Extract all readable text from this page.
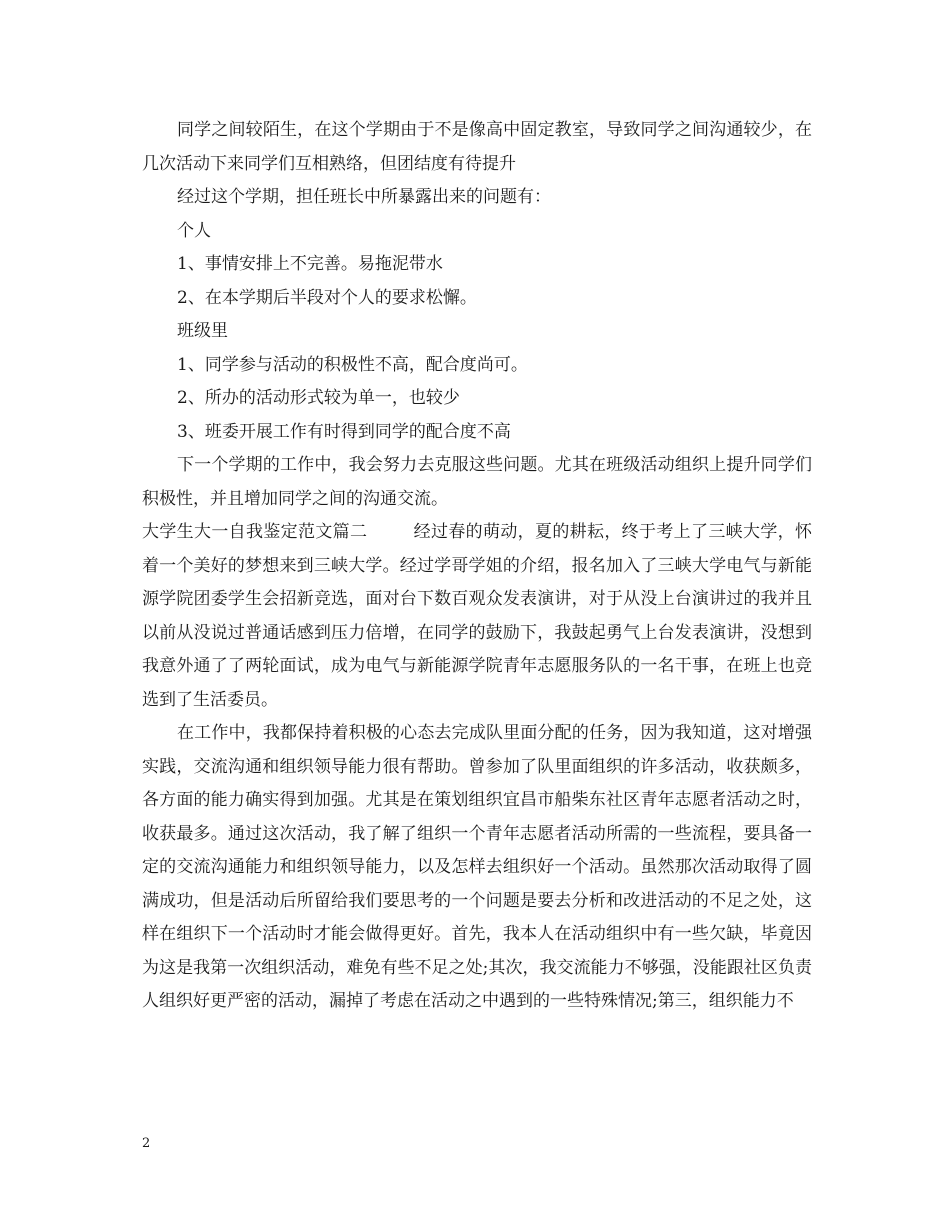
同学之间较陌生，在这个学期由于不是像高中固定教室，导致同学之间沟通较少，在几次活动下来同学们互相熟络，但团结度有待提升

经过这个学期，担任班长中所暴露出来的问题有：

个人

1、事情安排上不完善。易拖泥带水

2、在本学期后半段对个人的要求松懈。

班级里

1、同学参与活动的积极性不高，配合度尚可。

2、所办的活动形式较为单一，也较少

3、班委开展工作有时得到同学的配合度不高

下一个学期的工作中，我会努力去克服这些问题。尤其在班级活动组织上提升同学们积极性，并且增加同学之间的沟通交流。

大学生大一自我鉴定范文篇二	经过春的萌动，夏的耕耘，终于考上了三峡大学，怀着一个美好的梦想来到三峡大学。经过学哥学姐的介绍，报名加入了三峡大学电气与新能源学院团委学生会招新竞选，面对台下数百观众发表演讲，对于从没上台演讲过的我并且以前从没说过普通话感到压力倍增，在同学的鼓励下，我鼓起勇气上台发表演讲，没想到我意外通了了两轮面试，成为电气与新能源学院青年志愿服务队的一名干事，在班上也竞选到了生活委员。

在工作中，我都保持着积极的心态去完成队里面分配的任务，因为我知道，这对增强实践，交流沟通和组织领导能力很有帮助。曾参加了队里面组织的许多活动，收获颇多，各方面的能力确实得到加强。尤其是在策划组织宜昌市船柴东社区青年志愿者活动之时，收获最多。通过这次活动，我了解了组织一个青年志愿者活动所需的一些流程，要具备一定的交流沟通能力和组织领导能力，以及怎样去组织好一个活动。虽然那次活动取得了圆满成功，但是活动后所留给我们要思考的一个问题是要去分析和改进活动的不足之处，这样在组织下一个活动时才能会做得更好。首先，我本人在活动组织中有一些欠缺，毕竟因为这是我第一次组织活动，难免有些不足之处;其次，我交流能力不够强，没能跟社区负责人组织好更严密的活动，漏掉了考虑在活动之中遇到的一些特殊情况;第三，组织能力不

2
